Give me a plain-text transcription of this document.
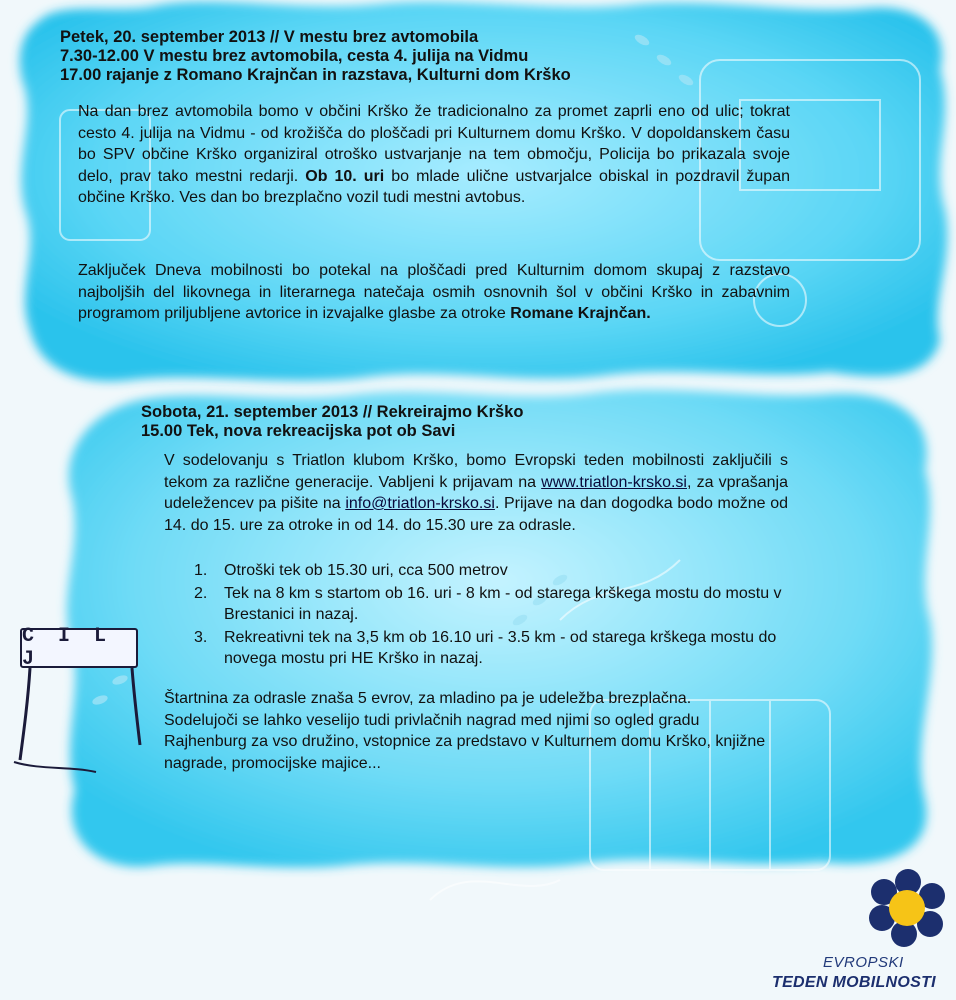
Petek, 20. september 2013 // V mestu brez avtomobila
7.30-12.00 V mestu brez avtomobila, cesta 4. julija na Vidmu
17.00 rajanje z Romano Krajnčan in razstava, Kulturni dom Krško
Na dan brez avtomobila bomo v občini Krško že tradicionalno za promet zaprli eno od ulic; tokrat cesto 4. julija na Vidmu - od krožišča do ploščadi pri Kulturnem domu Krško. V dopoldanskem času bo SPV občine Krško organiziral otroško ustvarjanje na tem območju, Policija bo prikazala svoje delo, prav tako mestni redarji. Ob 10. uri bo mlade ulične ustvarjalce obiskal in pozdravil župan občine Krško. Ves dan bo brezplačno vozil tudi mestni avtobus.
Zaključek Dneva mobilnosti bo potekal na ploščadi pred Kulturnim domom skupaj z razstavo najboljših del likovnega in literarnega natečaja osmih osnovnih šol v občini Krško in zabavnim programom priljubljene avtorice in izvajalke glasbe za otroke Romane Krajnčan.
Sobota, 21. september 2013 // Rekreirajmo Krško
15.00 Tek, nova rekreacijska pot ob Savi
V sodelovanju s Triatlon klubom Krško, bomo Evropski teden mobilnosti zaključili s tekom za različne generacije. Vabljeni k prijavam na www.triatlon-krsko.si, za vprašanja udeležencev pa pišite na info@triatlon-krsko.si. Prijave na dan dogodka bodo možne od 14. do 15. ure za otroke in od 14. do 15.30 ure za odrasle.
1. Otroški tek ob 15.30 uri, cca 500 metrov
2. Tek na 8 km s startom ob 16. uri - 8 km - od starega krškega mostu do mostu v Brestanici in nazaj.
3. Rekreativni tek na 3,5 km ob 16.10 uri - 3.5 km - od starega krškega mostu do novega mostu pri HE Krško in nazaj.
Štartnina za odrasle znaša 5 evrov, za mladino pa je udeležba brezplačna.
Sodelujoči se lahko veselijo tudi privlačnih nagrad med njimi so ogled gradu Rajhenburg za vso družino, vstopnice za predstavo v Kulturnem domu Krško, knjižne nagrade, promocijske majice...
C I L J
EVROPSKI
TEDEN MOBILNOSTI
